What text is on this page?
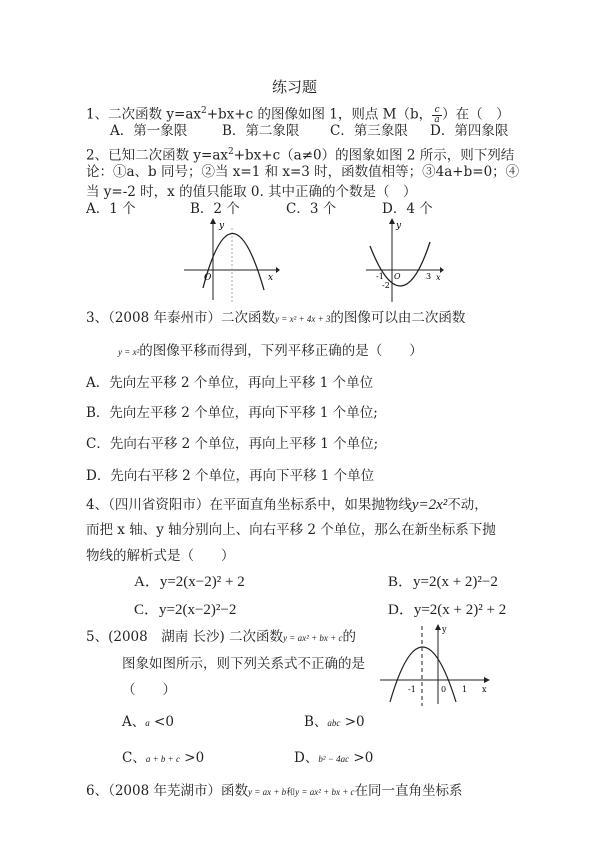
练习题
1、二次函数 $y=ax^2+bx+c$ 的图像如图 1，则点 M（b， $\frac{c}{a}$ ）在（　）
A．第一象限	B．第二象限 C．第三象限 D．第四象限
2、已知二次函数 $y=ax^2+bx+c(a\ne 0)$的图象如图 2 所示，则下列结
论：①a、b 同号；②当 x=1 和 x=3 时，函数值相等；③4a+b=0；④
当 y=-2 时，x 的值只能取 0. 其中正确的个数是（　）
A．1 个	B．2 个	C．3 个	D．4 个
y
x
O
y
x
O
-1
-2
3
3、（2008 年泰州市）二次函数y = x² + 4x + 3的图像可以由二次函数
y = x²的图像平移而得到，下列平移正确的是（　　）
A．先向左平移 2 个单位，再向上平移 1 个单位
B．先向左平移 2 个单位，再向下平移 1 个单位;
C．先向右平移 2 个单位，再向上平移 1 个单位;
D．先向右平移 2 个单位，再向下平移 1 个单位
4、（四川省资阳市）在平面直角坐标系中，如果抛物线y=2x²不动，
而把 x 轴、y 轴分别向上、向右平移 2 个单位，那么在新坐标系下抛
物线的解析式是（　　）
A．y=2(x−2)² + 2	B．y=2(x + 2)²−2
C．y=2(x−2)²−2	D．y=2(x + 2)² + 2
5、(2008　湖南 长沙) 二次函数y = ax² + bx + c的
图象如图所示，则下列关系式不正确的是
（　　）
A、a <0	B、abc >0
C、a + b + c >0	D、b² − 4ac >0
y
x
-1	0 1
6、（2008 年芜湖市）函数y = ax + b和y = ax² + bx + c在同一直角坐标系
